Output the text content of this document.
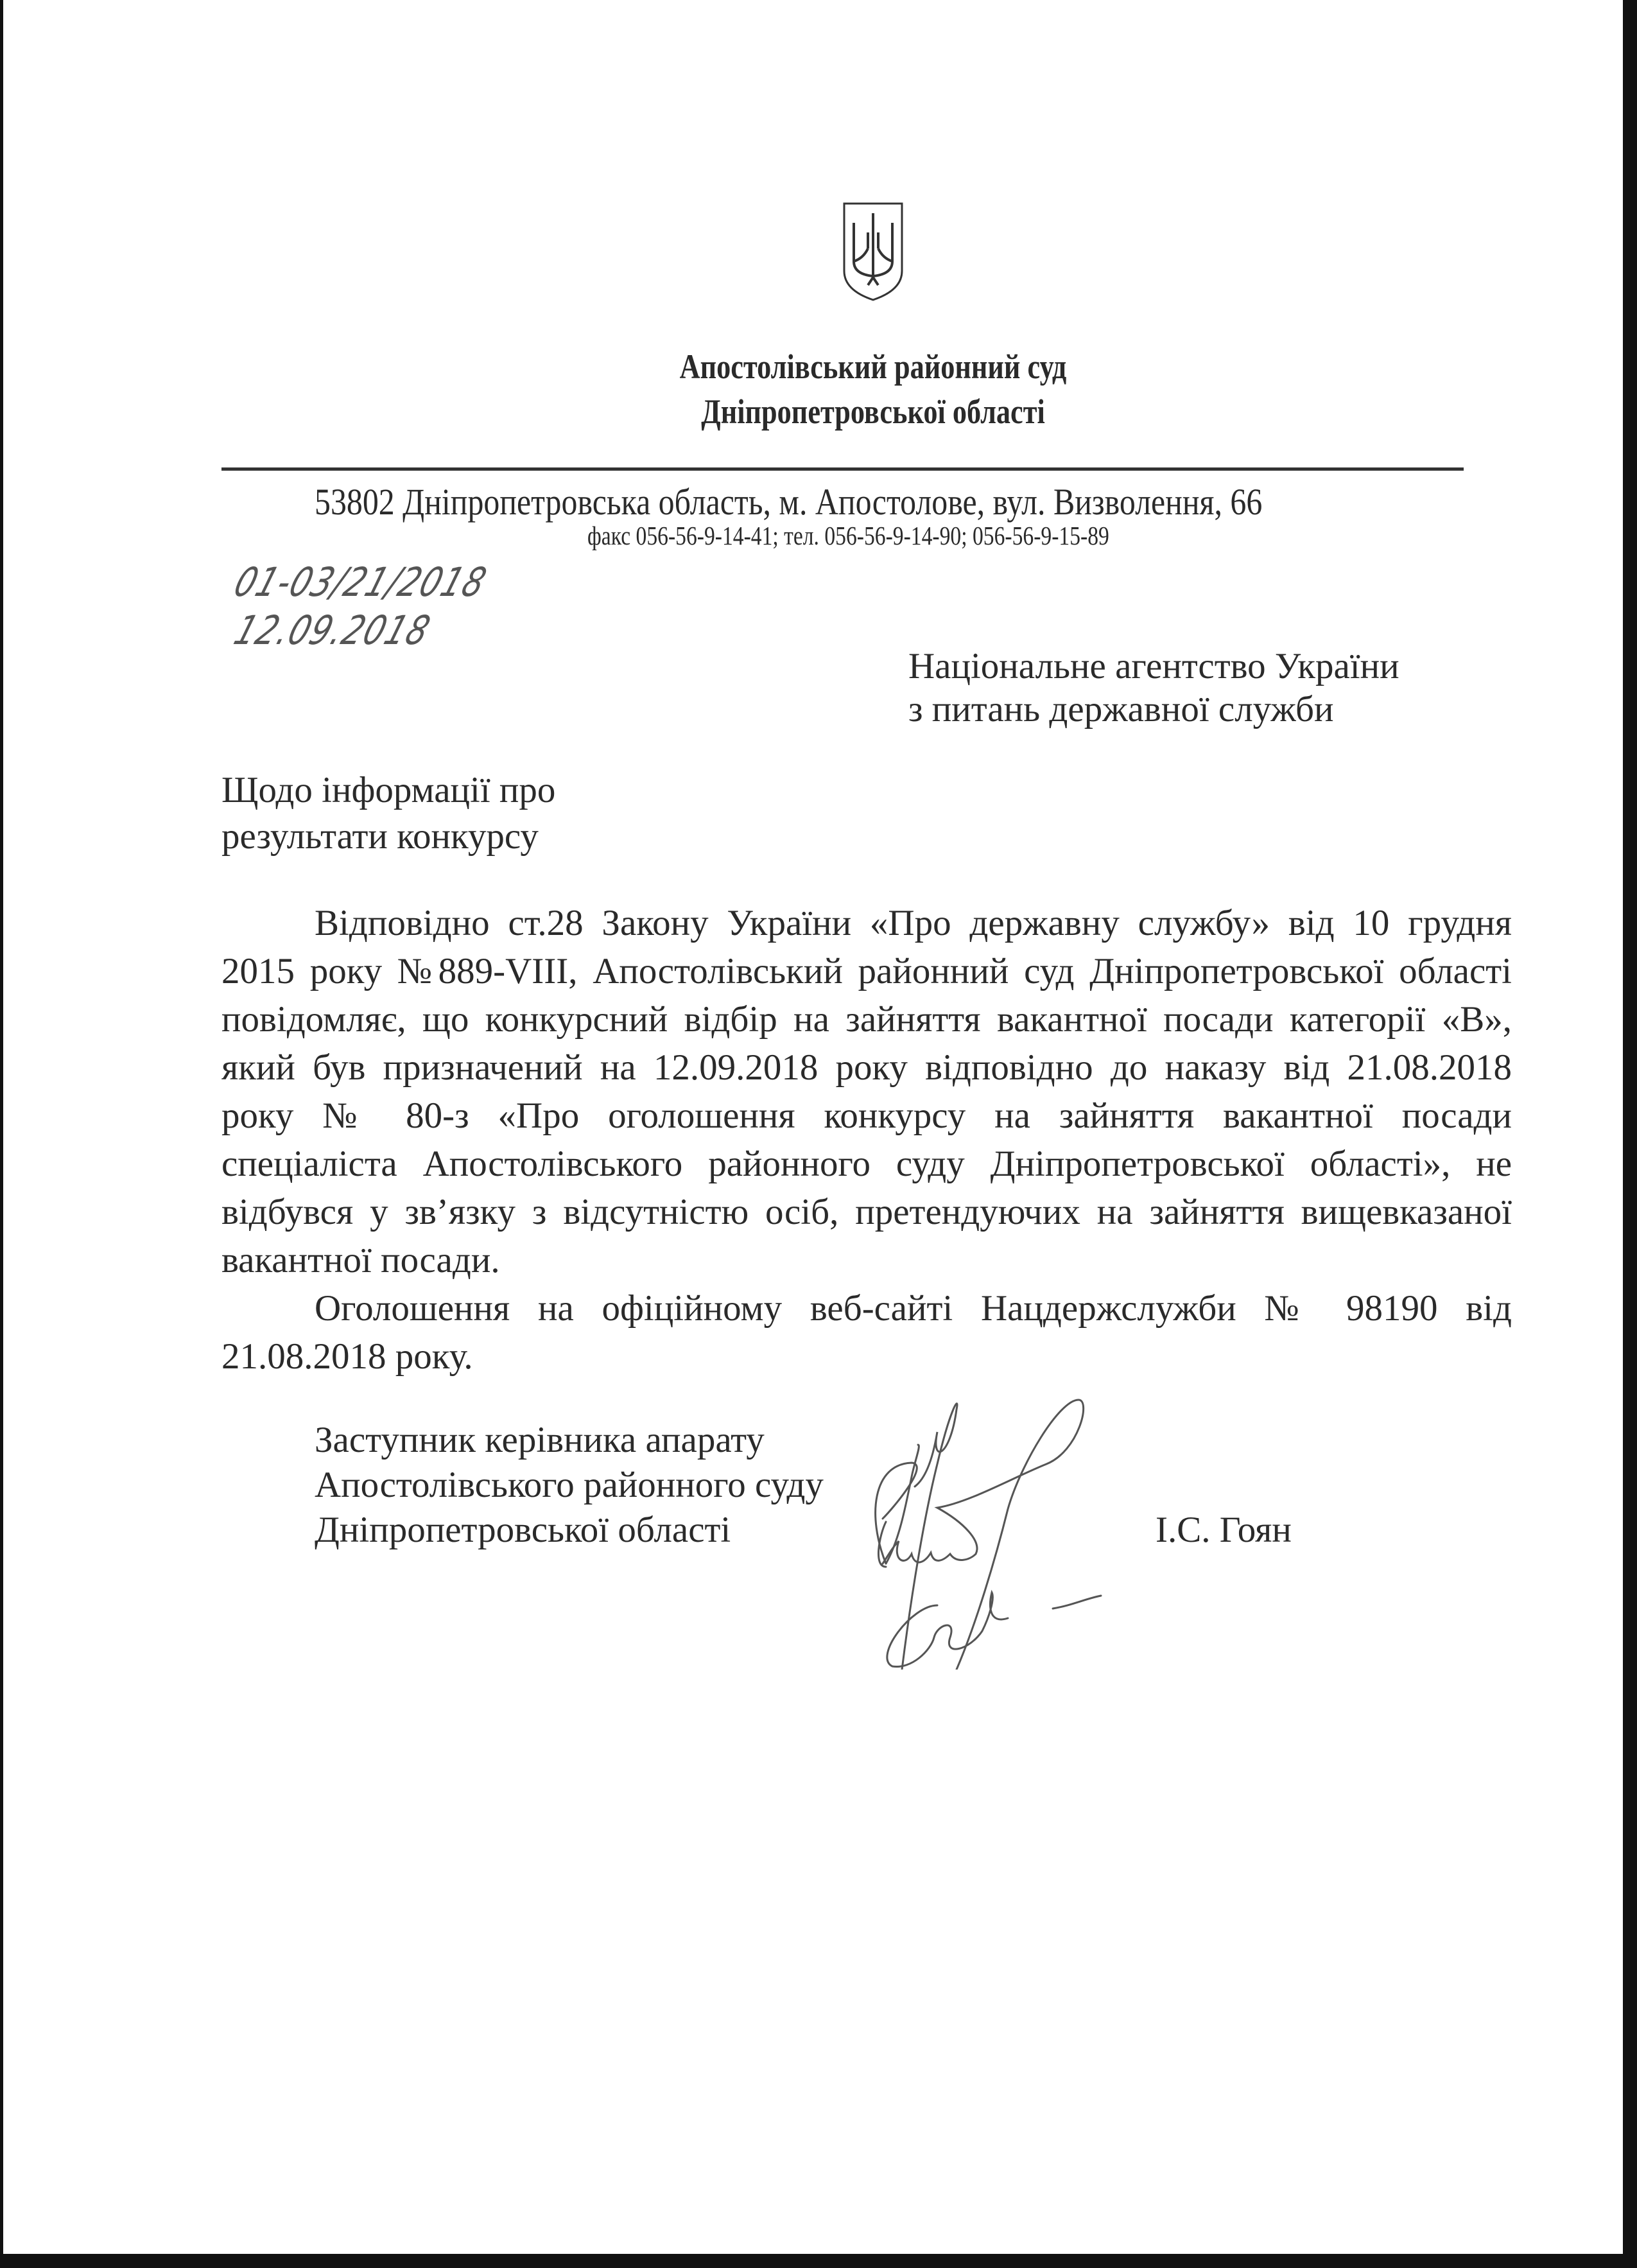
Апостолівський районний суд
Дніпропетровської області
53802 Дніпропетровська область, м. Апостолове, вул. Визволення, 66
факс 056-56-9-14-41; тел. 056-56-9-14-90; 056-56-9-15-89
01-03/21/2018
12.09.2018
Національне агентство України
з питань державної служби
Щодо інформації про
результати конкурсу
Відповідно ст.28 Закону України «Про державну службу» від 10 грудня
2015 року №889-VIII, Апостолівський районний суд Дніпропетровської області
повідомляє, що конкурсний відбір на зайняття вакантної посади категорії «В»,
який був призначений на 12.09.2018 року відповідно до наказу від 21.08.2018
року № 80-з «Про оголошення конкурсу на зайняття вакантної посади
спеціаліста Апостолівського районного суду Дніпропетровської області», не
відбувся у зв’язку з відсутністю осіб, претендуючих на зайняття вищевказаної
вакантної посади.
Оголошення на офіційному веб-сайті Нацдержслужби № 98190 від
21.08.2018 року.
Заступник керівника апарату
Апостолівського районного суду
Дніпропетровської області	І.С. Гоян
